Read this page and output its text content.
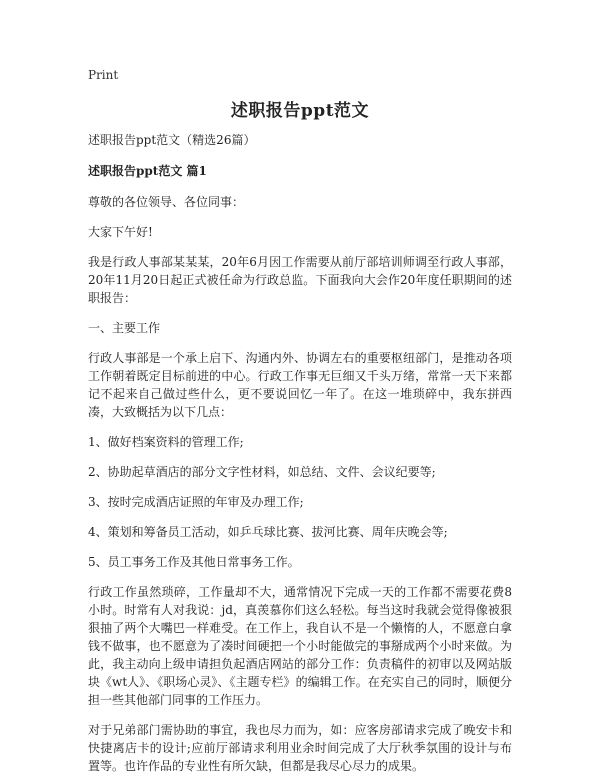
Print
述职报告ppt范文
述职报告ppt范文（精选26篇）
述职报告ppt范文 篇1

尊敬的各位领导、各位同事：

大家下午好!

我是行政人事部某某某，20年6月因工作需要从前厅部培训师调至行政人事部，20年11月20日起正式被任命为行政总监。下面我向大会作20年度任职期间的述职报告：

一、主要工作

行政人事部是一个承上启下、沟通内外、协调左右的重要枢纽部门，是推动各项工作朝着既定目标前进的中心。行政工作事无巨细又千头万绪，常常一天下来都记不起来自己做过些什么，更不要说回忆一年了。在这一堆琐碎中，我东拼西凑，大致概括为以下几点：

1、做好档案资料的管理工作;

2、协助起草酒店的部分文字性材料，如总结、文件、会议纪要等;

3、按时完成酒店证照的年审及办理工作;

4、策划和筹备员工活动，如乒乓球比赛、拔河比赛、周年庆晚会等;

5、员工事务工作及其他日常事务工作。

行政工作虽然琐碎，工作量却不大，通常情况下完成一天的工作都不需要花费8小时。时常有人对我说：jd，真羡慕你们这么轻松。每当这时我就会觉得像被狠狠抽了两个大嘴巴一样难受。在工作上，我自认不是一个懒惰的人，不愿意白拿钱不做事，也不愿意为了凑时间硬把一个小时能做完的事掰成两个小时来做。为此，我主动向上级申请担负起酒店网站的部分工作：负责稿件的初审以及网站版块《wt人》、《职场心灵》、《主题专栏》的编辑工作。在充实自己的同时，顺便分担一些其他部门同事的工作压力。

对于兄弟部门需协助的事宜，我也尽力而为，如：应客房部请求完成了晚安卡和快捷离店卡的设计;应前厅部请求利用业余时间完成了大厅秋季氛围的设计与布置等。也许作品的专业性有所欠缺，但都是我尽心尽力的成果。
